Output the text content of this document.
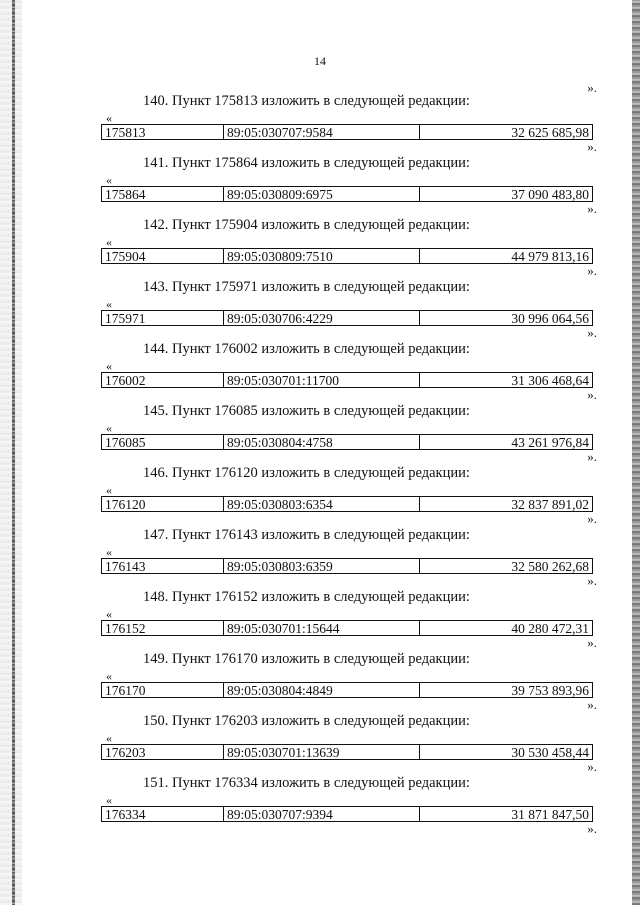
14
».
140. Пункт 175813 изложить в следующей редакции:
«
175813	89:05:030707:9584	32 625 685,98
».
141. Пункт 175864 изложить в следующей редакции:
«
175864	89:05:030809:6975	37 090 483,80
».
142. Пункт 175904 изложить в следующей редакции:
«
175904	89:05:030809:7510	44 979 813,16
».
143. Пункт 175971 изложить в следующей редакции:
«
175971	89:05:030706:4229	30 996 064,56
».
144. Пункт 176002 изложить в следующей редакции:
«
176002	89:05:030701:11700	31 306 468,64
».
145. Пункт 176085 изложить в следующей редакции:
«
176085	89:05:030804:4758	43 261 976,84
».
146. Пункт 176120 изложить в следующей редакции:
«
176120	89:05:030803:6354	32 837 891,02
».
147. Пункт 176143 изложить в следующей редакции:
«
176143	89:05:030803:6359	32 580 262,68
».
148. Пункт 176152 изложить в следующей редакции:
«
176152	89:05:030701:15644	40 280 472,31
».
149. Пункт 176170 изложить в следующей редакции:
«
176170	89:05:030804:4849	39 753 893,96
».
150. Пункт 176203 изложить в следующей редакции:
«
176203	89:05:030701:13639	30 530 458,44
».
151. Пункт 176334 изложить в следующей редакции:
«
176334	89:05:030707:9394	31 871 847,50
».
